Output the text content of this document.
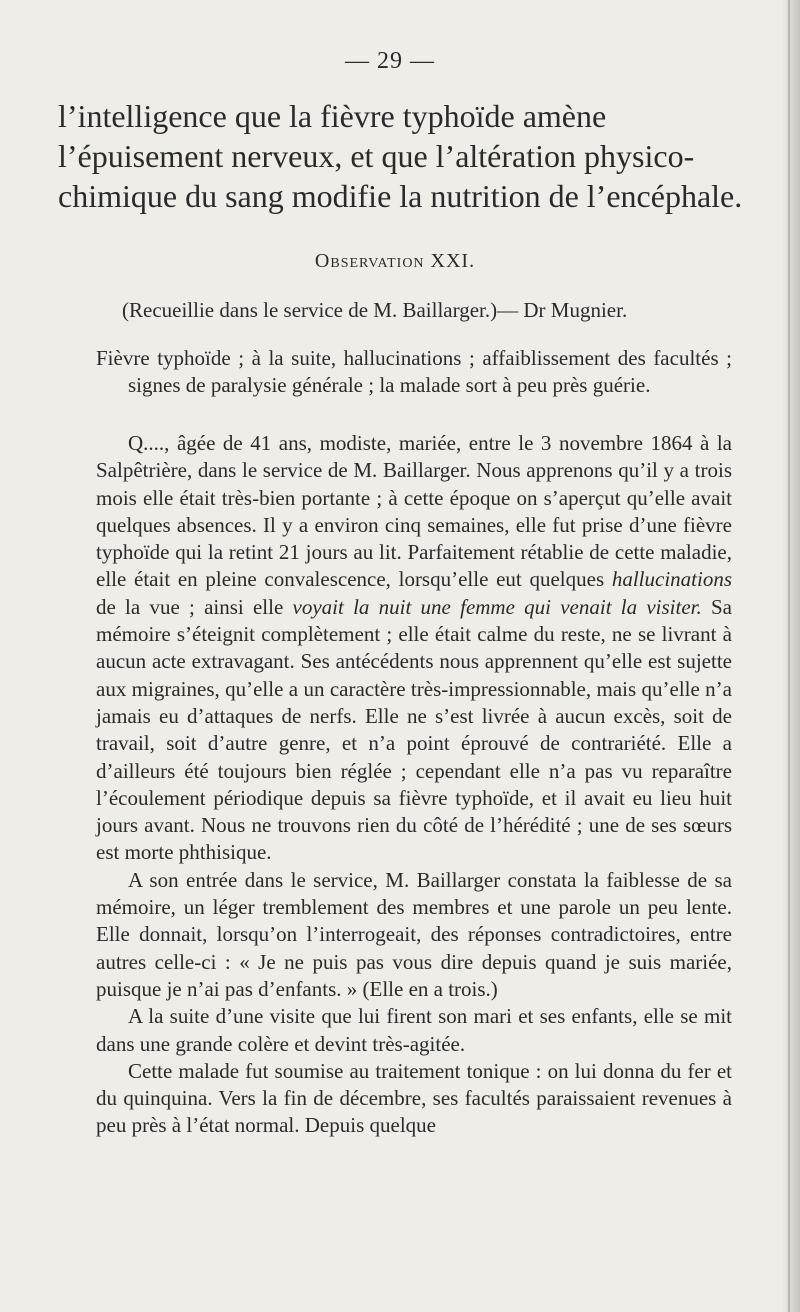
— 29 —

l’intelligence que la fièvre typhoïde amène l’épuisement nerveux, et que l’altération physico-chimique du sang modifie la nutrition de l’encéphale.

Observation XXI.
(Recueillie dans le service de M. Baillarger.)— Dr Mugnier.

Fièvre typhoïde ; à la suite, hallucinations ; affaiblissement des facultés ; signes de paralysie générale ; la malade sort à peu près guérie.

Q...., âgée de 41 ans, modiste, mariée, entre le 3 novembre 1864 à la Salpêtrière, dans le service de M. Baillarger. Nous apprenons qu’il y a trois mois elle était très-bien portante ; à cette époque on s’aperçut qu’elle avait quelques absences. Il y a environ cinq semaines, elle fut prise d’une fièvre typhoïde qui la retint 21 jours au lit. Parfaitement rétablie de cette maladie, elle était en pleine convalescence, lorsqu’elle eut quelques hallucinations de la vue ; ainsi elle voyait la nuit une femme qui venait la visiter. Sa mémoire s’éteignit complètement ; elle était calme du reste, ne se livrant à aucun acte extravagant. Ses antécédents nous apprennent qu’elle est sujette aux migraines, qu’elle a un caractère très-impressionnable, mais qu’elle n’a jamais eu d’attaques de nerfs. Elle ne s’est livrée à aucun excès, soit de travail, soit d’autre genre, et n’a point éprouvé de contrariété. Elle a d’ailleurs été toujours bien réglée ; cependant elle n’a pas vu reparaître l’écoulement périodique depuis sa fièvre typhoïde, et il avait eu lieu huit jours avant. Nous ne trouvons rien du côté de l’hérédité ; une de ses sœurs est morte phthisique.

A son entrée dans le service, M. Baillarger constata la faiblesse de sa mémoire, un léger tremblement des membres et une parole un peu lente. Elle donnait, lorsqu’on l’interrogeait, des réponses contradictoires, entre autres celle-ci : « Je ne puis pas vous dire depuis quand je suis mariée, puisque je n’ai pas d’enfants. » (Elle en a trois.)

A la suite d’une visite que lui firent son mari et ses enfants, elle se mit dans une grande colère et devint très-agitée.

Cette malade fut soumise au traitement tonique : on lui donna du fer et du quinquina. Vers la fin de décembre, ses facultés paraissaient revenues à peu près à l’état normal. Depuis quelque
